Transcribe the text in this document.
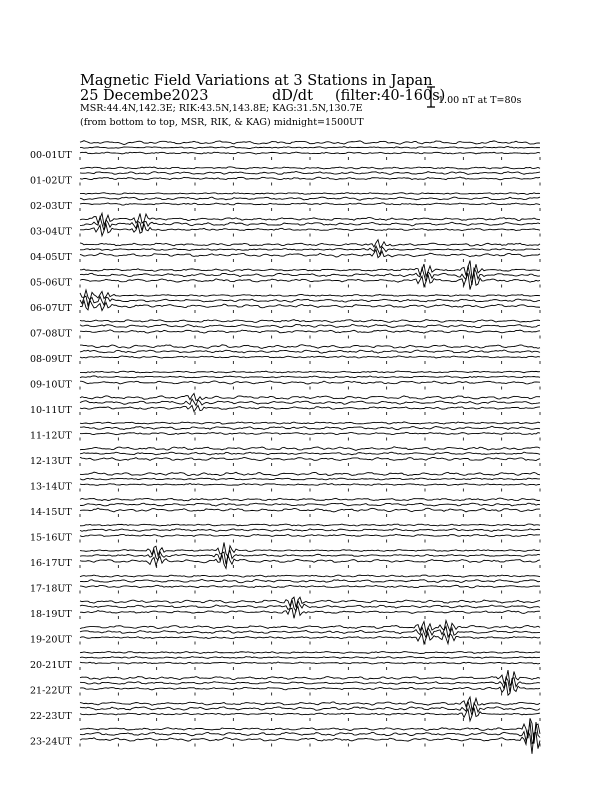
Magnetic Field Variations at 3 Stations in Japan
25 Decembe2023	dD/dt (filter:40-160s)
MSR:44.4N,142.3E; RIK:43.5N,143.8E; KAG:31.5N,130.7E
(from bottom to top, MSR, RIK, & KAG) midnight=1500UT
1.00 nT at T=80s
00-01UT
01-02UT
02-03UT
03-04UT
04-05UT
05-06UT
06-07UT
07-08UT
08-09UT
09-10UT
10-11UT
11-12UT
12-13UT
13-14UT
14-15UT
15-16UT
16-17UT
17-18UT
18-19UT
19-20UT
20-21UT
21-22UT
22-23UT
23-24UT
